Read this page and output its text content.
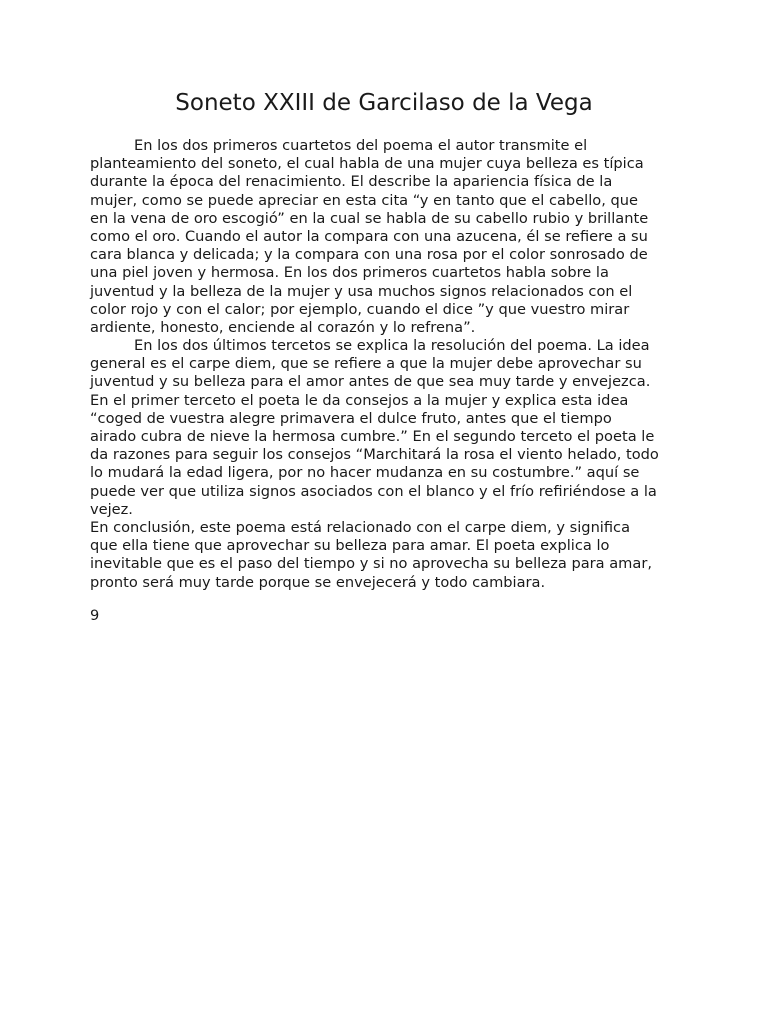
Soneto XXIII de Garcilaso de la Vega
En los dos primeros cuartetos del poema el autor transmite el
planteamiento del soneto, el cual habla de una mujer cuya belleza es típica
durante la época del renacimiento. El describe la apariencia física de la
mujer, como se puede apreciar en esta cita “y en tanto que el cabello, que
en la vena de oro escogió” en la cual se habla de su cabello rubio y brillante
como el oro. Cuando el autor la compara con una azucena, él se refiere a su
cara blanca y delicada; y la compara con una rosa por el color sonrosado de
una piel joven y hermosa. En los dos primeros cuartetos habla sobre la
juventud y la belleza de la mujer y usa muchos signos relacionados con el
color rojo y con el calor; por ejemplo, cuando el dice ”y que vuestro mirar
ardiente, honesto, enciende al corazón y lo refrena”.
En los dos últimos tercetos se explica la resolución del poema. La idea
general es el carpe diem, que se refiere a que la mujer debe aprovechar su
juventud y su belleza para el amor antes de que sea muy tarde y envejezca.
En el primer terceto el poeta le da consejos a la mujer y explica esta idea
“coged de vuestra alegre primavera el dulce fruto, antes que el tiempo
airado cubra de nieve la hermosa cumbre.” En el segundo terceto el poeta le
da razones para seguir los consejos “Marchitará la rosa el viento helado, todo
lo mudará la edad ligera, por no hacer mudanza en su costumbre.” aquí se
puede ver que utiliza signos asociados con el blanco y el frío refiriéndose a la
vejez.
En conclusión, este poema está relacionado con el carpe diem, y significa
que ella tiene que aprovechar su belleza para amar. El poeta explica lo
inevitable que es el paso del tiempo y si no aprovecha su belleza para amar,
pronto será muy tarde porque se envejecerá y todo cambiara.
9
